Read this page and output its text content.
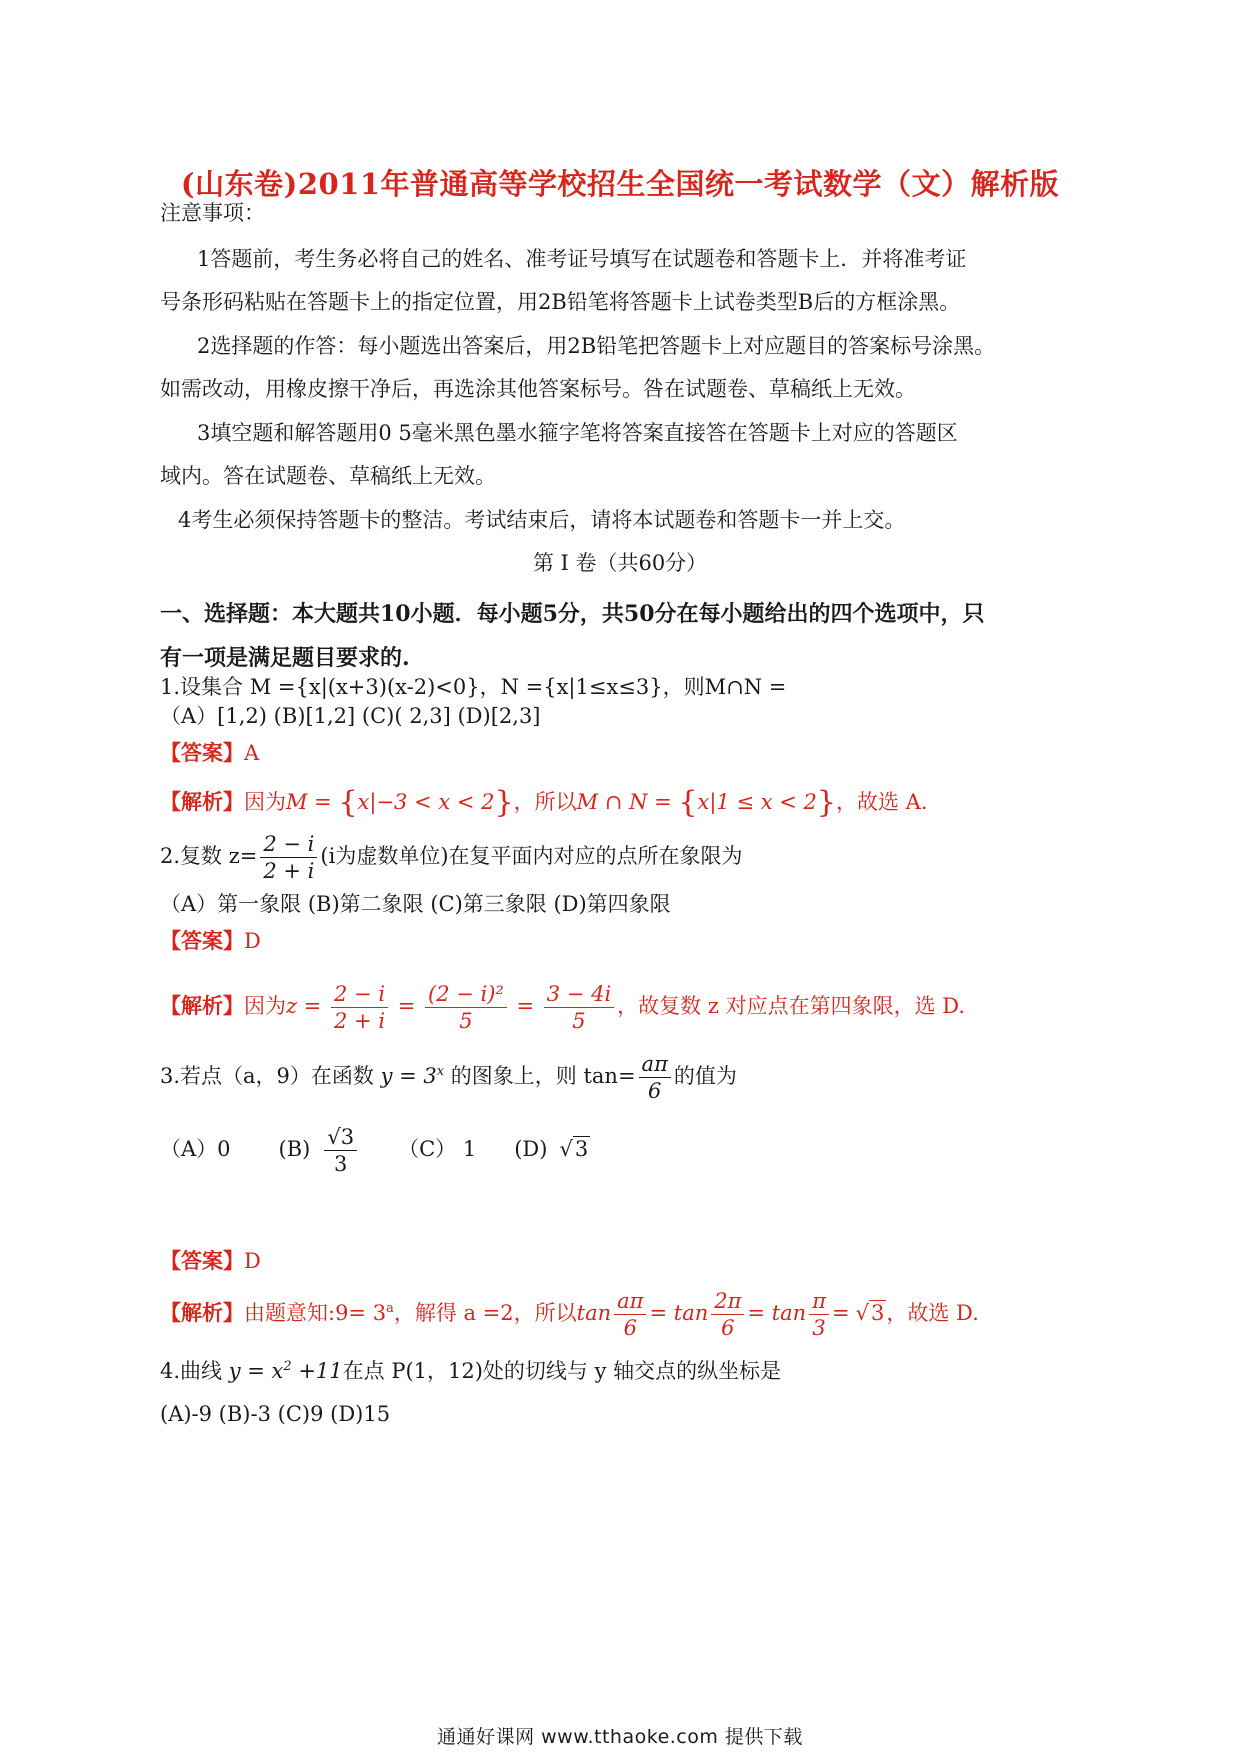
(山东卷)2011年普通高等学校招生全国统一考试数学（文）解析版
注意事项：
1答题前，考生务必将自己的姓名、准考证号填写在试题卷和答题卡上．并将准考证
号条形码粘贴在答题卡上的指定位置，用2B铅笔将答题卡上试卷类型B后的方框涂黑。
2选择题的作答：每小题选出答案后，用2B铅笔把答题卡上对应题目的答案标号涂黑。
如需改动，用橡皮擦干净后，再选涂其他答案标号。咎在试题卷、草稿纸上无效。
3填空题和解答题用0 5毫米黑色墨水箍字笔将答案直接答在答题卡上对应的答题区
域内。答在试题卷、草稿纸上无效。
4考生必须保持答题卡的整洁。考试结束后，请将本试题卷和答题卡一并上交。
第 I 卷（共60分）
一、选择题：本大题共10小题．每小题5分，共50分在每小题给出的四个选项中，只
有一项是满足题目要求的.
1.设集合 M ={x|(x+3)(x-2)<0}，N ={x|1≤x≤3}，则M∩N =
（A）[1,2) (B)[1,2] (C)( 2,3] (D)[2,3]
【答案】A
【解析】因为M = {x|−3 < x < 2}，所以M ∩ N = {x|1 ≤ x < 2}，故选 A.
2.复数 $z= \frac{2 - i}{2 + i} (i$为虚数单位)在复平面内对应的点所在象限为
（A）第一象限 (B)第二象限 (C)第三象限 (D)第四象限
【答案】D
【解析】因为$z = \frac{2 - i}{2 + i} = \frac{\text{(2 − i)²}}{5} = \frac{3 - 4i}{5}$ ，故复数 z 对应点在第四象限，选 D.
3.若点（a，9）在函数 $y = 3^x$ 的图象上，则 $\tan= \frac{a\pi}{6}$ 的值为
（A）0 $(B) \frac{√3}{3} (C)$ 1 (D) √3
【答案】D
【解析】由题意知:9= $3^a$，解得 a =2，所以$\tan \frac{a\pi}{6} = \tan \frac{2\pi}{6} = \tan \frac{\pi}{3} = √3$，故选 D.
4.曲线 $y = x^2 +11$在点 P(1，12)处的切线与 y 轴交点的纵坐标是
(A)-9 (B)-3 (C)9 (D)15
通通好课网 www.tthaoke.com 提供下载
